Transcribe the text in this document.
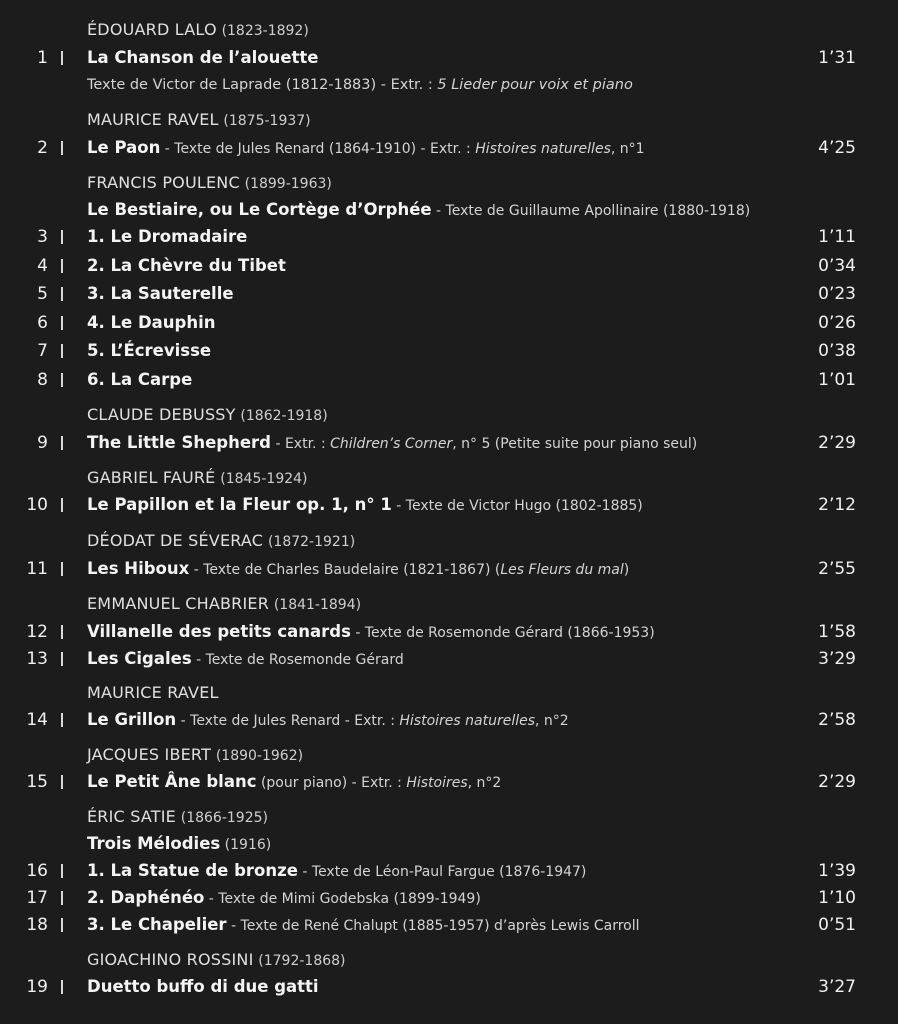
ÉDOUARD LALO (1823-1892)
1 La Chanson de l’alouette	1’31
Texte de Victor de Laprade (1812-1883) - Extr. : 5 Lieder pour voix et piano
MAURICE RAVEL (1875-1937)
2 Le Paon - Texte de Jules Renard (1864-1910) - Extr. : Histoires naturelles, n°1	4’25
FRANCIS POULENC (1899-1963)
Le Bestiaire, ou Le Cortège d’Orphée - Texte de Guillaume Apollinaire (1880-1918)
3 1. Le Dromadaire	1’11
4 2. La Chèvre du Tibet	0’34
5 3. La Sauterelle	0’23
6 4. Le Dauphin	0’26
7 5. L’Écrevisse	0’38
8 6. La Carpe	1’01
CLAUDE DEBUSSY (1862-1918)
9 The Little Shepherd - Extr. : Children’s Corner, n° 5 (Petite suite pour piano seul)	2’29
GABRIEL FAURÉ (1845-1924)
10 Le Papillon et la Fleur op. 1, n° 1 - Texte de Victor Hugo (1802-1885)	2’12
DÉODAT DE SÉVERAC (1872-1921)
11 Les Hiboux - Texte de Charles Baudelaire (1821-1867) (Les Fleurs du mal)	2’55
EMMANUEL CHABRIER (1841-1894)
12 Villanelle des petits canards - Texte de Rosemonde Gérard (1866-1953)	1’58
13 Les Cigales - Texte de Rosemonde Gérard	3’29
MAURICE RAVEL
14 Le Grillon - Texte de Jules Renard - Extr. : Histoires naturelles, n°2	2’58
JACQUES IBERT (1890-1962)
15 Le Petit Âne blanc (pour piano) - Extr. : Histoires, n°2	2’29
ÉRIC SATIE (1866-1925)
Trois Mélodies (1916)
16 1. La Statue de bronze - Texte de Léon-Paul Fargue (1876-1947)	1’39
17 2. Daphénéo - Texte de Mimi Godebska (1899-1949)	1’10
18 3. Le Chapelier - Texte de René Chalupt (1885-1957) d’après Lewis Carroll	0’51
GIOACHINO ROSSINI (1792-1868)
19 Duetto buffo di due gatti	3’27
